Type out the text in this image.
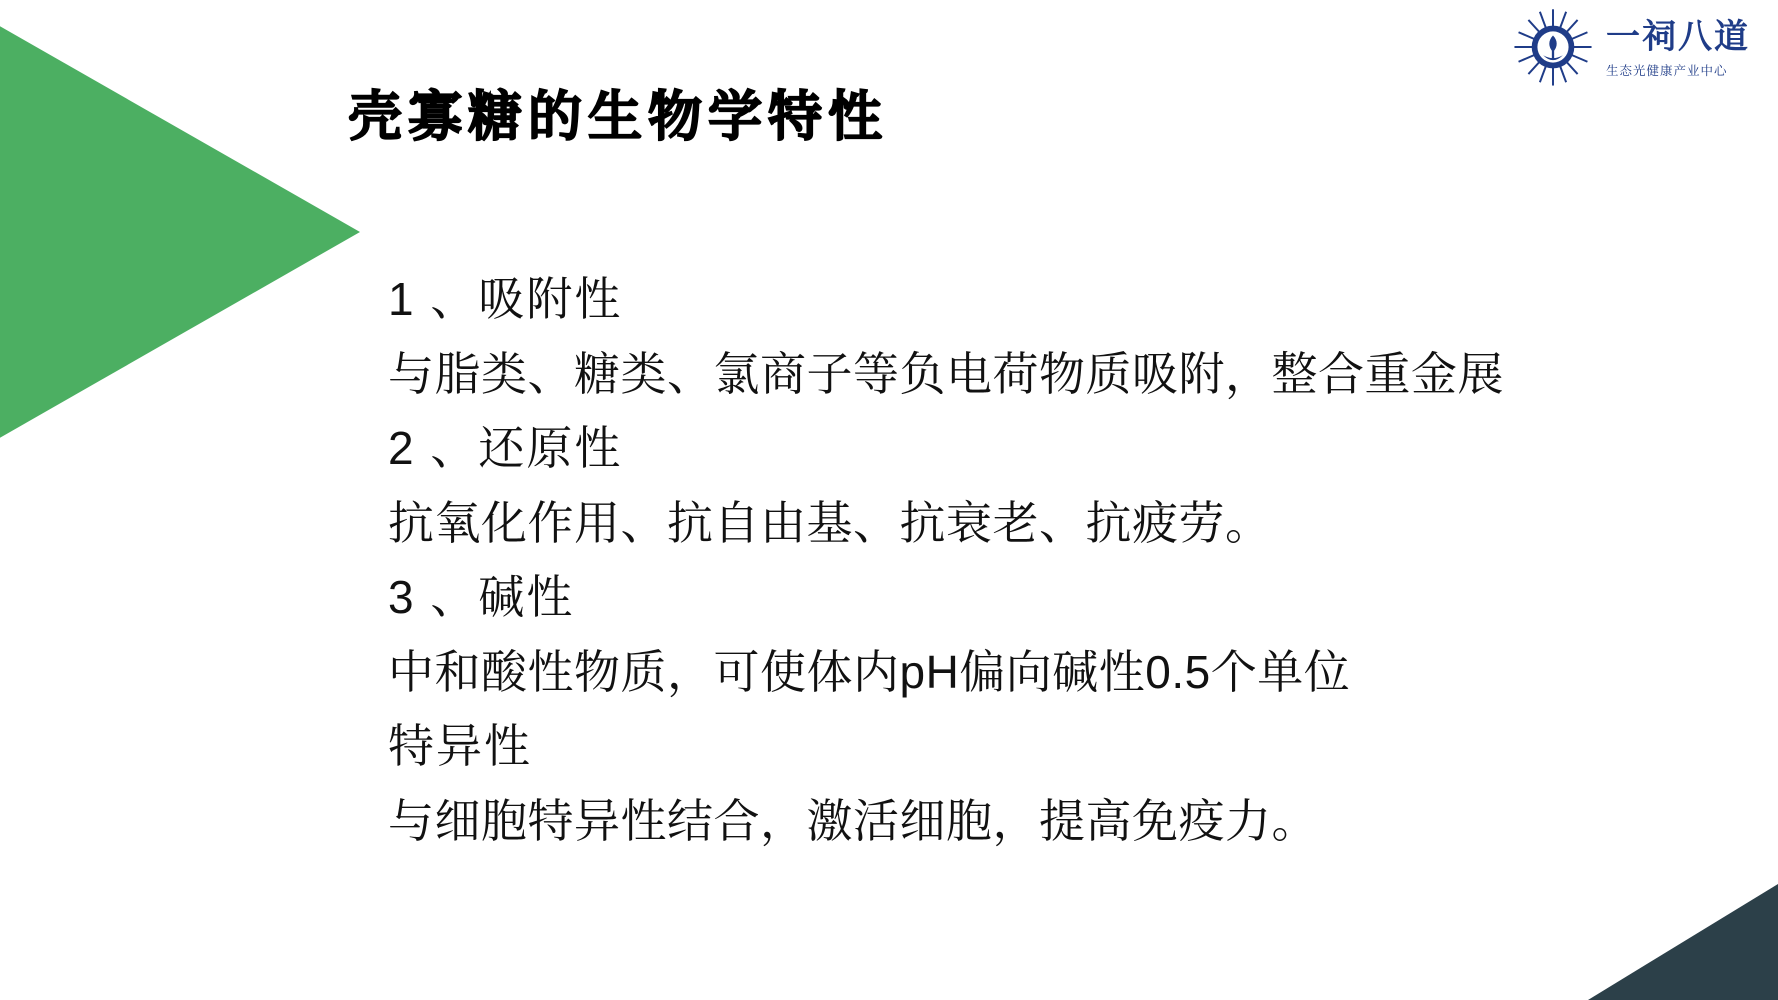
一祠八道
生态光健康产业中心
壳寡糖的生物学特性
1 、吸附性
与脂类、糖类、氯商子等负电荷物质吸附，整合重金展
2 、还原性
抗氧化作用、抗自由基、抗衰老、抗疲劳。
3 、碱性
中和酸性物质，可使体内pH偏向碱性0.5个单位
特异性
与细胞特异性结合，激活细胞，提高免疫力。
